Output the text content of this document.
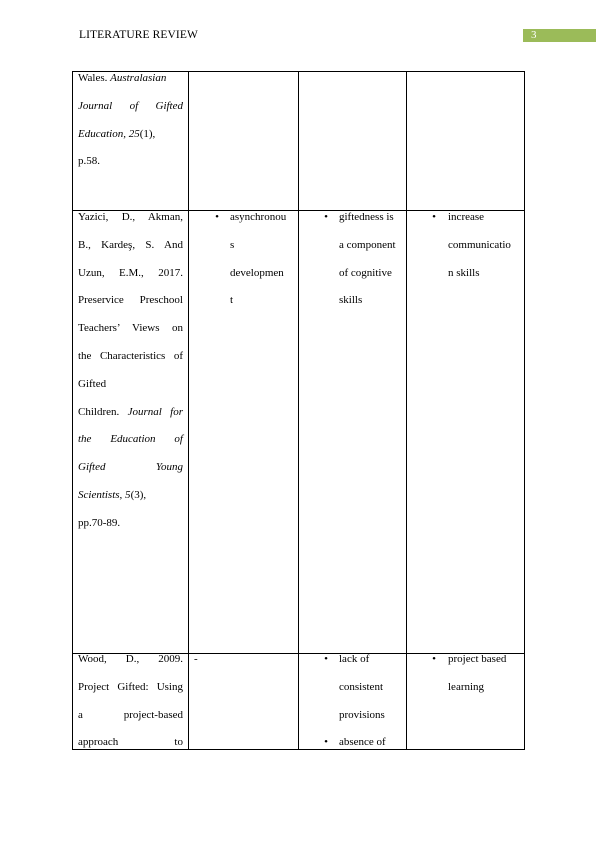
LITERATURE REVIEW	3
Wales. Australasian
Journal of Gifted
Education, 25(1),
p.58.
Yazici, D., Akman,
B., Kardeş, S. And
Uzun, E.M., 2017.
Preservice Preschool
Teachers’ Views on
the Characteristics of
Gifted
Children. Journal for
the Education of
Gifted Young
Scientists, 5(3),
pp.70-89.
• asynchronou
s
developmen
t
• giftedness is
a component
of cognitive
skills
• increase
communicatio
n skills
Wood, D., 2009.
Project Gifted: Using
a project-based
approach to
-	• lack of
consistent
provisions
• absence of
• project based
learning
